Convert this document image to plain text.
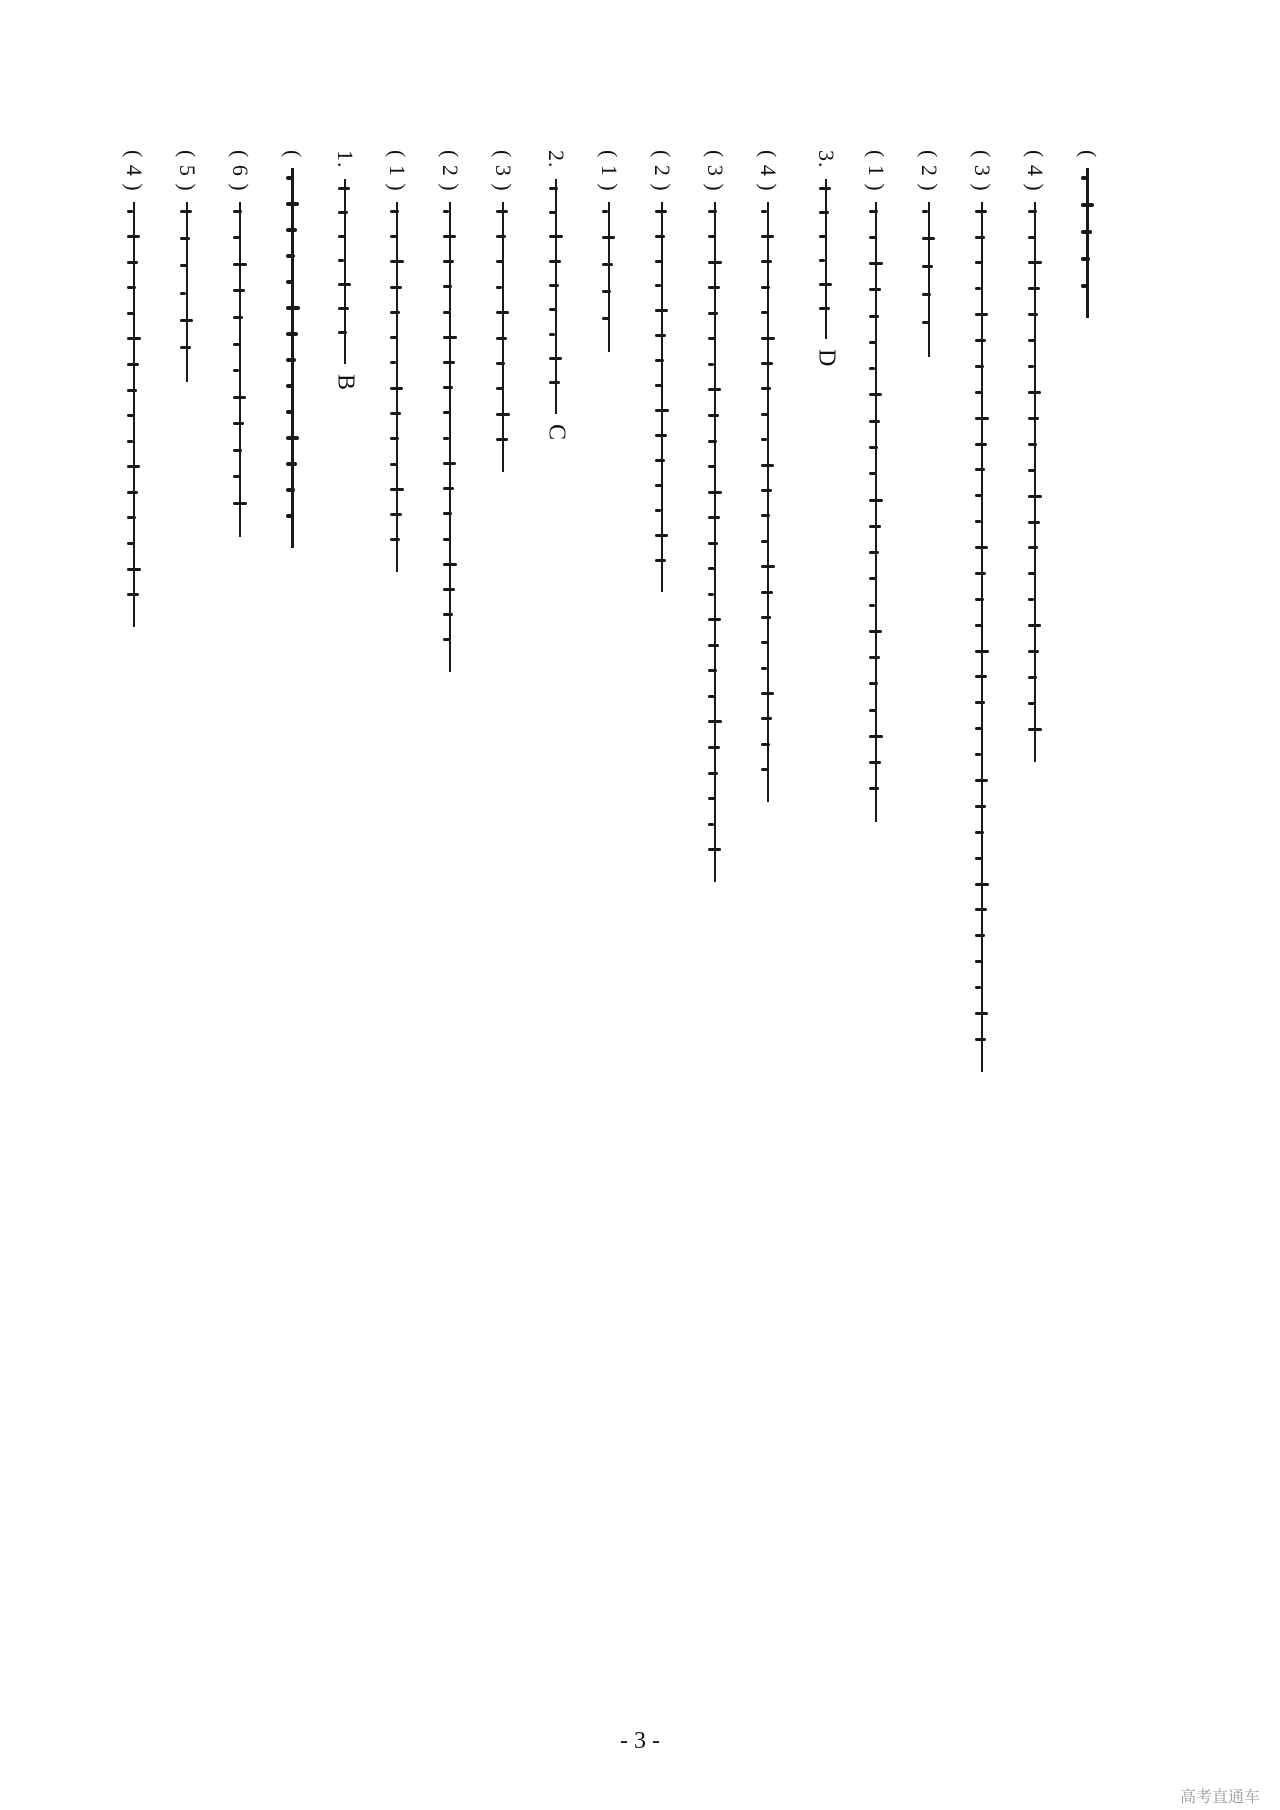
(
( 4 )
( 3 )
( 2 )
( 1 )
3.
D
( 4 )
( 3 )
( 2 )
( 1 )
2.
C
( 3 )
( 2 )
( 1 )
1.
B
(
( 6 )
( 5 )
( 4 )
- 3 -
高考直通车
